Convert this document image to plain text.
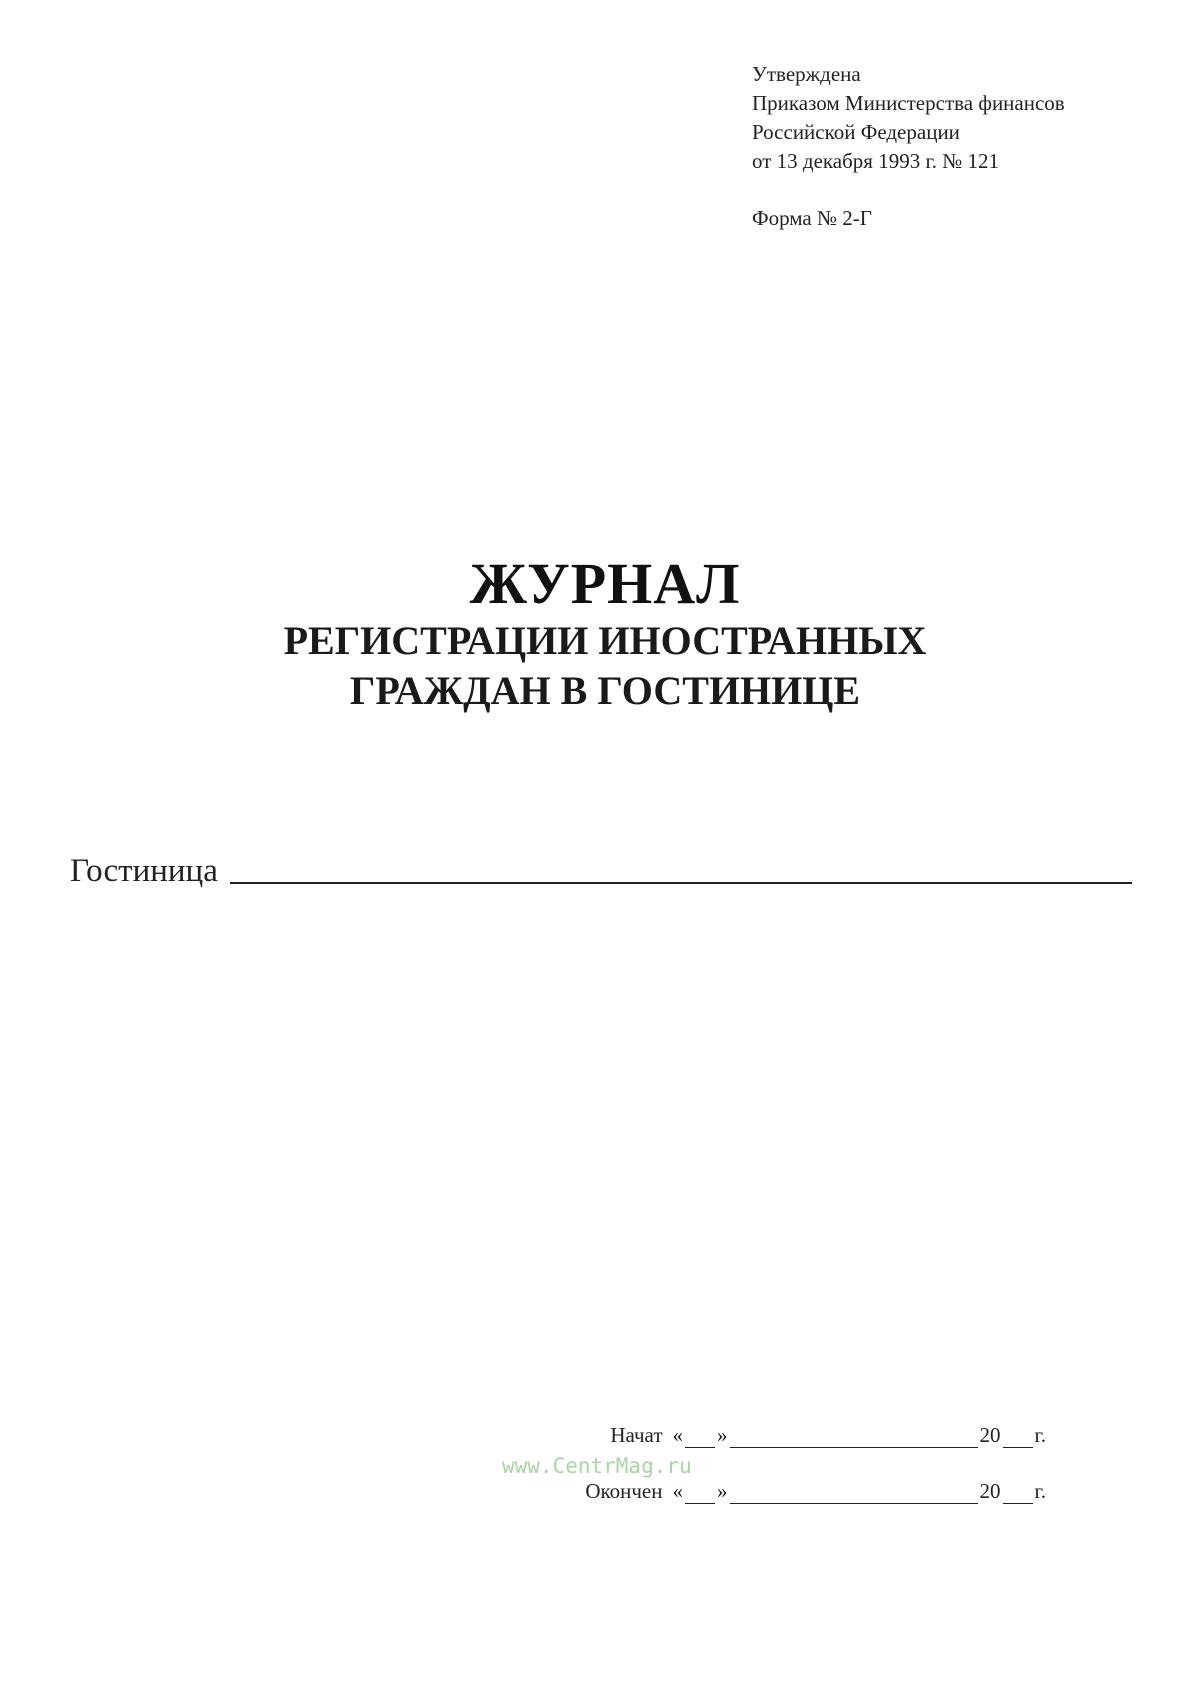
Утверждена
Приказом Министерства финансов
Российской Федерации
от 13 декабря 1993 г. № 121
Форма № 2-Г
ЖУРНАЛ
РЕГИСТРАЦИИ ИНОСТРАННЫХ
ГРАЖДАН В ГОСТИНИЦЕ
Гостиница
Начат « »	20 г.
Окончен « »	20 г.
www.CentrMag.ru
